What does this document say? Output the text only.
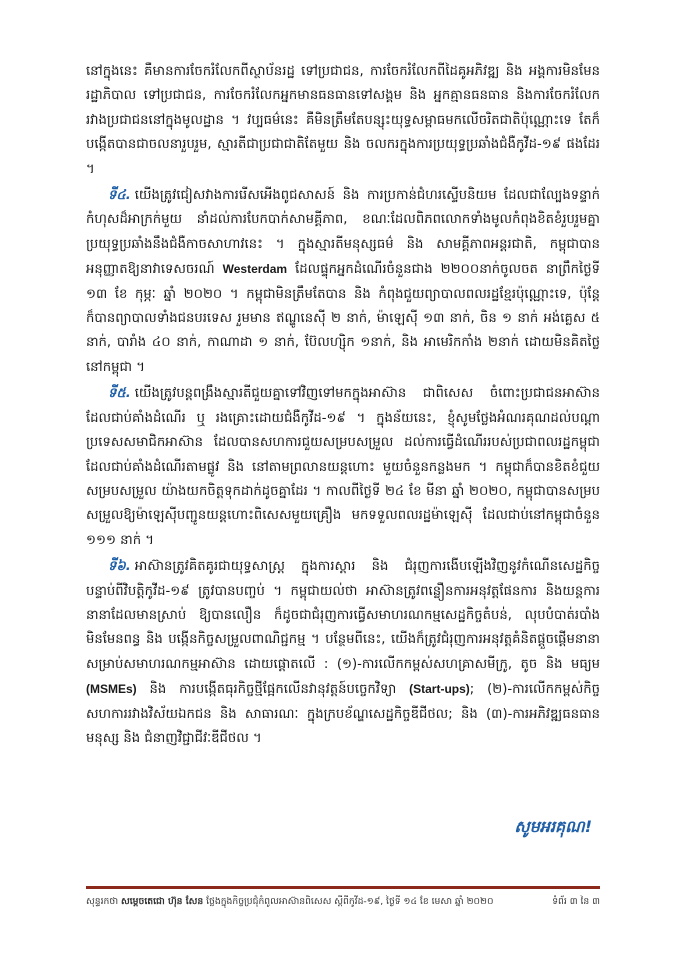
នៅក្នុងនេះ គឺមានការចែករំលែកពីស្ថាប័នរដ្ឋ ទៅប្រជាជន, ការចែករំលែកពីដៃគូអភិវឌ្ឍ និង អង្គការមិនមែនរដ្ឋាភិបាល ទៅប្រជាជន, ការចែករំលែកអ្នកមានធនធានទៅសង្គម និង អ្នកគ្មានធនធាន និងការចែករំលែករវាងប្រជាជននៅក្នុងមូលដ្ឋាន ។ វប្បធម៌នេះ គឺមិនត្រឹមតែបន្សុះយុទ្ធសម្ពាធមកលើចរិតជាតិប៉ុណ្ណោះទេ តែក៏បង្កើតបានជាចលនារួបរួម, ស្មារតីជាប្រជាជាតិតែមួយ និង ចលករក្នុងការប្រយុទ្ធប្រឆាំងជំងឺកូវីដ-១៩ ផងដែរ ។

ទី៤. យើងត្រូវជៀសវាងការរើសអើងពូជសាសន៍ និង ការប្រកាន់ជំហរស្ទើបនិយម ដែលជាល្បែងទន្ទាក់កំហុសដ៏អាក្រក់មួយ នាំដល់ការបែកបាក់សាមគ្គីភាព, ខណៈដែលពិភពលោកទាំងមូលកំពុងខិតខំរួបរួមគ្នាប្រយុទ្ធប្រឆាំងនឹងជំងឺកាចសាហាវនេះ ។ ក្នុងស្មារតីមនុស្សធម៌ និង សាមគ្គីភាពអន្តរជាតិ, កម្ពុជាបានអនុញ្ញាតឱ្យនាវាទេសចរណ៍ Westerdam ដែលផ្ទុកអ្នកដំណើរចំនួនជាង ២២០០នាក់ចូលចត នាព្រឹកថ្ងៃទី ១៣ ខែ កុម្ភៈ ឆ្នាំ ២០២០ ។ កម្ពុជាមិនត្រឹមតែបាន និង កំពុងជួយព្យាបាលពលរដ្ឋខ្មែរប៉ុណ្ណោះទេ, ប៉ុន្តែ ក៏បានព្យាបាលទាំងជនបរទេស រួមមាន ឥណ្ឌូនេស៊ី ២ នាក់, ម៉ាឡេស៊ី ១៣ នាក់, ចិន ១ នាក់ អង់គ្លេស ៥ នាក់, បារាំង ៤០ នាក់, កាណាដា ១ នាក់, ប៊ែលហ្ស៊ិក ១នាក់, និង អាមេរិកកាំង ២នាក់ ដោយមិនគិតថ្លៃ នៅកម្ពុជា ។

ទី៥. យើងត្រូវបន្តពង្រឹងស្មារតីជួយគ្នាទៅវិញទៅមកក្នុងអាស៊ាន ជាពិសេស ចំពោះប្រជាជនអាស៊ាន ដែលជាប់គាំងដំណើរ ឬ រងគ្រោះដោយជំងឺកូវីដ-១៩ ។ ក្នុងន័យនេះ, ខ្ញុំសូមថ្លែងអំណរគុណដល់បណ្តាប្រទេសសមាជិកអាស៊ាន ដែលបានសហការជួយសម្របសម្រួល ដល់ការធ្វើដំណើររបស់ប្រជាពលរដ្ឋកម្ពុជា ដែលជាប់គាំងដំណើរតាមផ្លូវ និង នៅតាមព្រលានយន្តហោះ មួយចំនួនកន្លងមក ។ កម្ពុជាក៏បានខិតខំជួយសម្របសម្រួល យ៉ាងយកចិត្តទុកដាក់ដូចគ្នាដែរ ។ កាលពីថ្ងៃទី ២៤ ខែ មីនា ឆ្នាំ ២០២០, កម្ពុជាបានសម្របសម្រួលឱ្យម៉ាឡេស៊ីបញ្ជូនយន្តហោះពិសេសមួយគ្រឿង មកទទួលពលរដ្ឋម៉ាឡេស៊ី ដែលជាប់នៅកម្ពុជាចំនួន ១១១ នាក់ ។

ទី៦. អាស៊ានត្រូវគិតគូរជាយុទ្ធសាស្ត្រ ក្នុងការស្តារ និង ជំរុញការងើបឡើងវិញនូវកំណើនសេដ្ឋកិច្ច បន្ទាប់ពីវិបត្តិកូវីដ-១៩ ត្រូវបានបញ្ចប់ ។ កម្ពុជាយល់ថា អាស៊ានត្រូវពន្លឿនការអនុវត្តផែនការ និងយន្តការនានាដែលមានស្រាប់ ឱ្យបានលឿន ក៏ដូចជាជំរុញការធ្វើសមាហរណកម្មសេដ្ឋកិច្ចតំបន់, លុបបំបាត់របាំងមិនមែនពន្ធ និង បង្កើនកិច្ចសម្រួលពាណិជ្ជកម្ម ។ បន្ថែមពីនេះ, យើងក៏ត្រូវជំរុញការអនុវត្តគំនិតផ្តួចផ្តើមនានា សម្រាប់សមាហរណកម្មអាស៊ាន ដោយផ្តោតលើ : (១)-ការលើកកម្ពស់សហគ្រាសមីក្រូ, តូច និង មធ្យម (MSMEs) និង ការបង្កើតធុរកិច្ចថ្មីផ្អែកលើនវានុវត្តន៍បច្ចេកវិទ្យា (Start-ups); (២)-ការលើកកម្ពស់កិច្ចសហការរវាងវិស័យឯកជន និង សាធារណៈ ក្នុងក្របខ័ណ្ឌសេដ្ឋកិច្ចឌីជីថល; និង (៣)-ការអភិវឌ្ឍធនធានមនុស្ស និង ជំនាញវិជ្ជាជីវៈឌីជីថល ។

សូមអរគុណ!
សុន្ទរកថា សម្តេចតេជោ ហ៊ុន សែន ថ្លែងក្នុងកិច្ចប្រជុំកំពូលអាស៊ានពិសេស ស្តីពីកូវីដ-១៩, ថ្ងៃទី ១៤ ខែ មេសា ឆ្នាំ ២០២០	ទំព័រ ៣ នៃ ៣
